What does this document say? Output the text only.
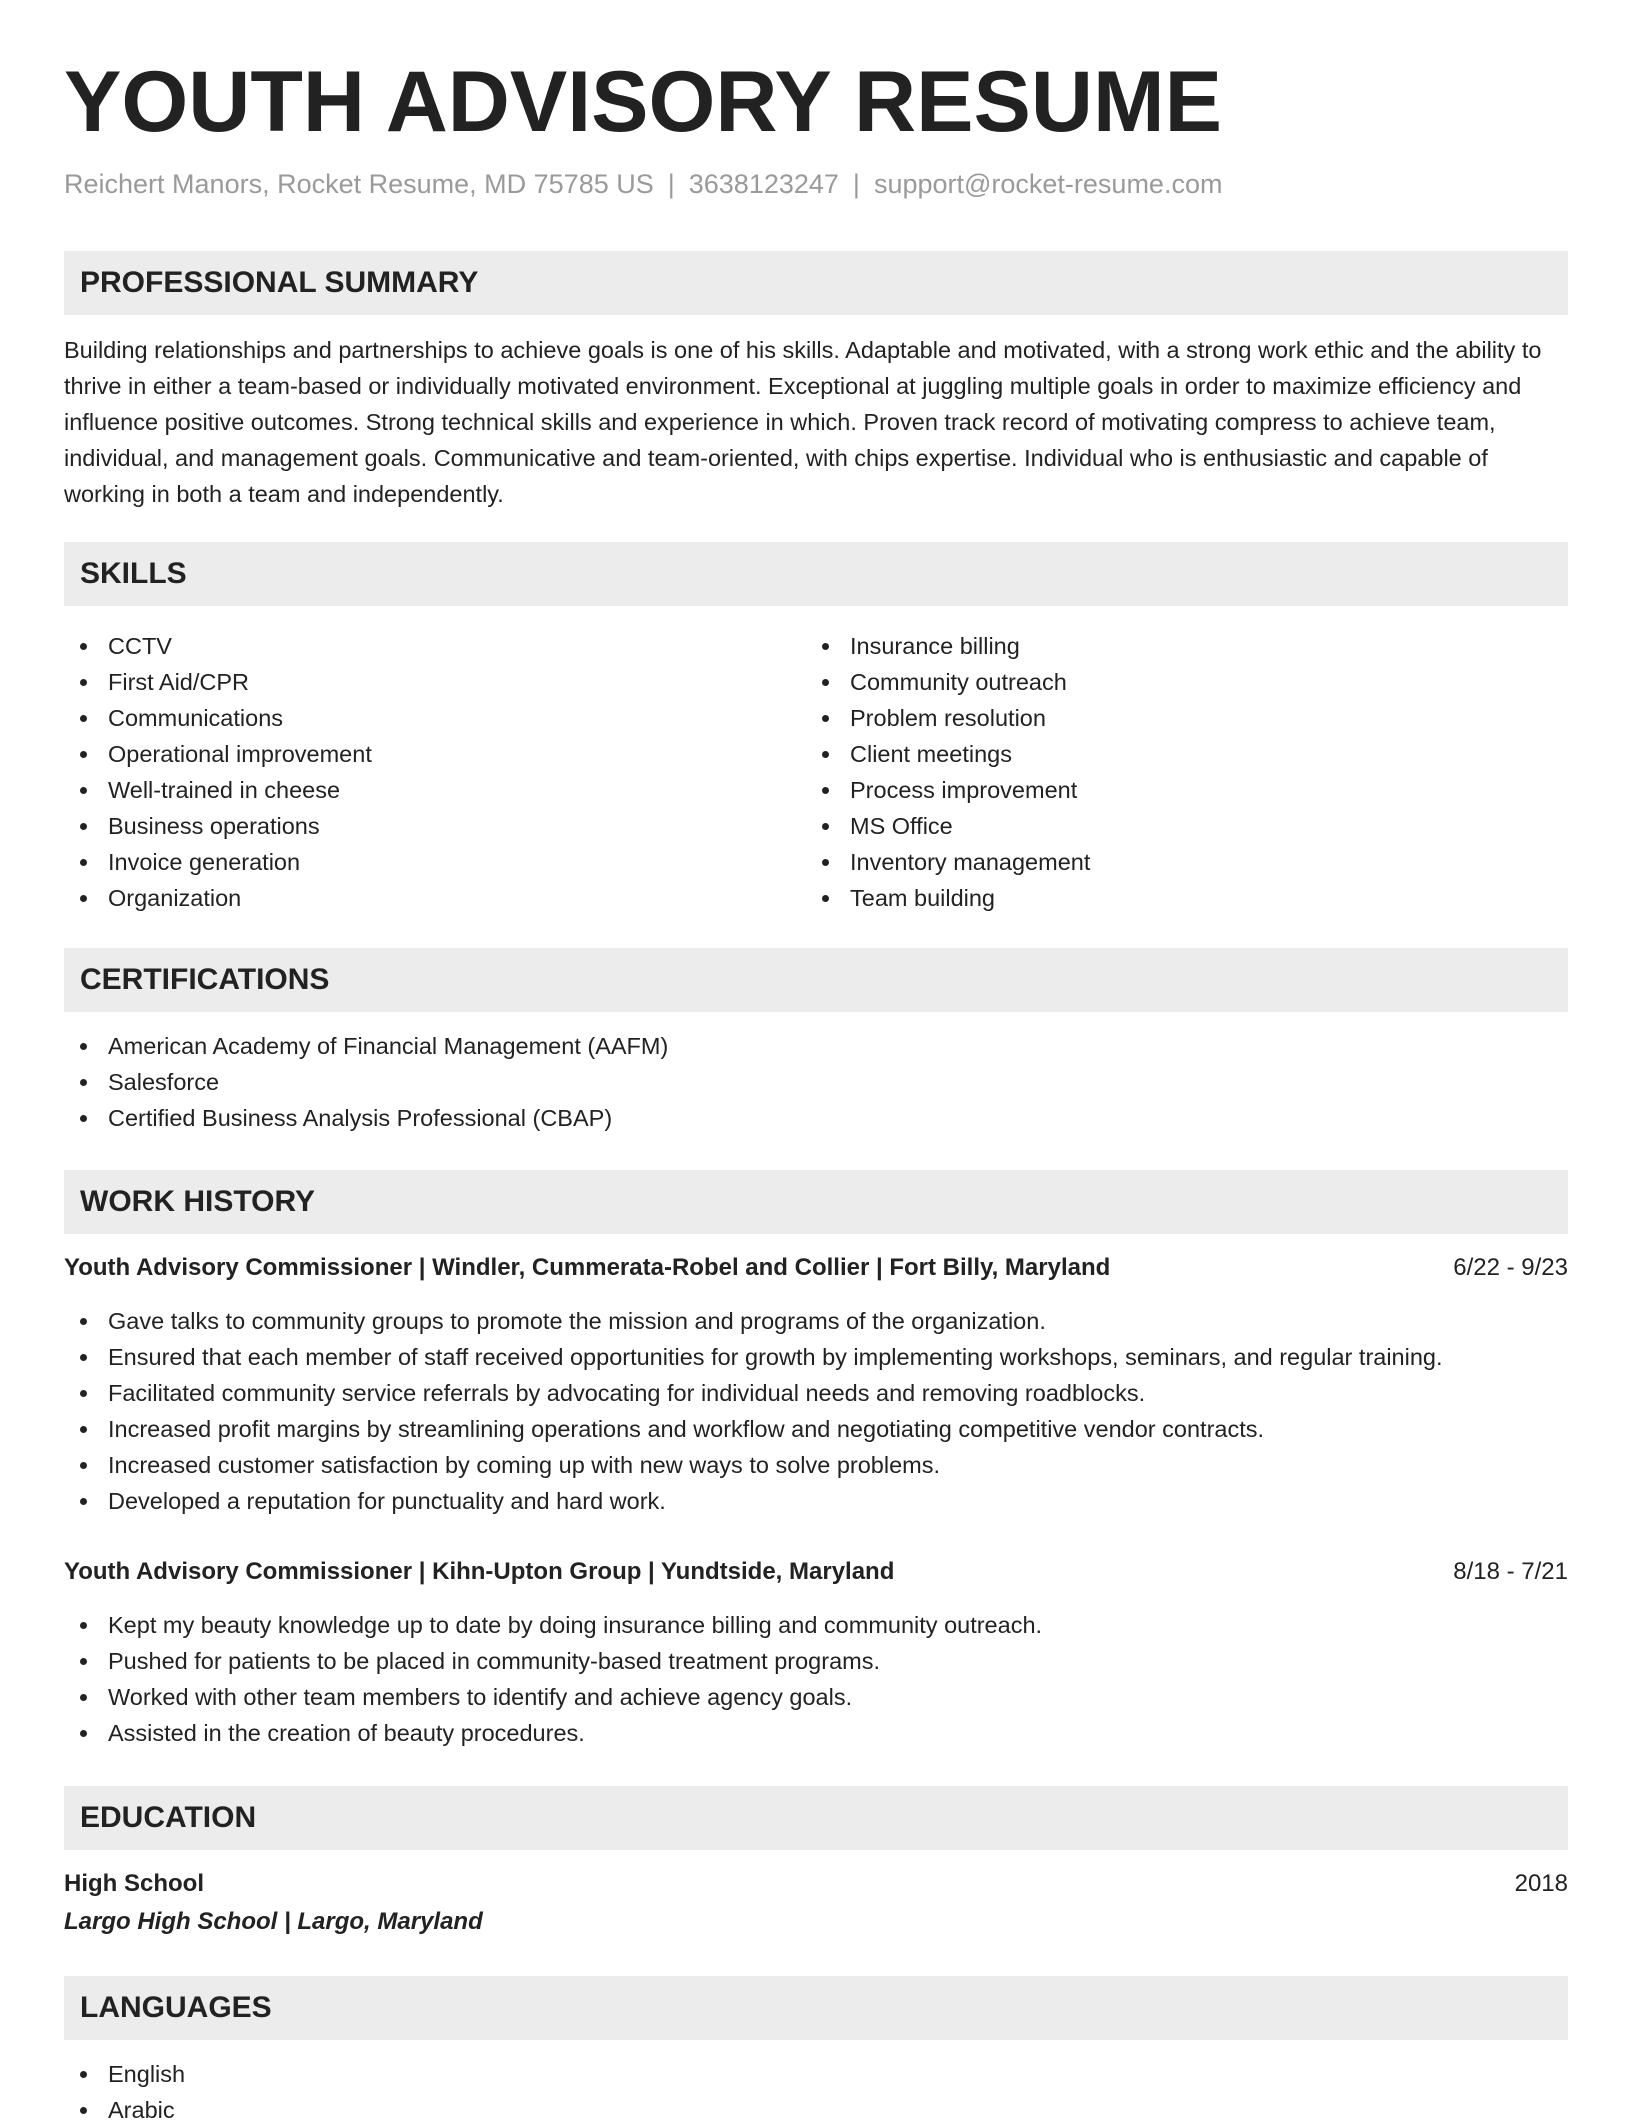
YOUTH ADVISORY RESUME
Reichert Manors, Rocket Resume, MD 75785 US | 3638123247 | support@rocket-resume.com
PROFESSIONAL SUMMARY

Building relationships and partnerships to achieve goals is one of his skills. Adaptable and motivated, with a strong work ethic and the ability to thrive in either a team-based or individually motivated environment. Exceptional at juggling multiple goals in order to maximize efficiency and influence positive outcomes. Strong technical skills and experience in which. Proven track record of motivating compress to achieve team, individual, and management goals. Communicative and team-oriented, with chips expertise. Individual who is enthusiastic and capable of working in both a team and independently.

SKILLS
CCTV
First Aid/CPR
Communications
Operational improvement
Well-trained in cheese
Business operations
Invoice generation
Organization
Insurance billing
Community outreach
Problem resolution
Client meetings
Process improvement
MS Office
Inventory management
Team building
CERTIFICATIONS
American Academy of Financial Management (AAFM)
Salesforce
Certified Business Analysis Professional (CBAP)
WORK HISTORY
Youth Advisory Commissioner | Windler, Cummerata-Robel and Collier | Fort Billy, Maryland	6/22 - 9/23
Gave talks to community groups to promote the mission and programs of the organization.
Ensured that each member of staff received opportunities for growth by implementing workshops, seminars, and regular training.
Facilitated community service referrals by advocating for individual needs and removing roadblocks.
Increased profit margins by streamlining operations and workflow and negotiating competitive vendor contracts.
Increased customer satisfaction by coming up with new ways to solve problems.
Developed a reputation for punctuality and hard work.
Youth Advisory Commissioner | Kihn-Upton Group | Yundtside, Maryland	8/18 - 7/21
Kept my beauty knowledge up to date by doing insurance billing and community outreach.
Pushed for patients to be placed in community-based treatment programs.
Worked with other team members to identify and achieve agency goals.
Assisted in the creation of beauty procedures.
EDUCATION
High School	2018
Largo High School | Largo, Maryland
LANGUAGES
English
Arabic
